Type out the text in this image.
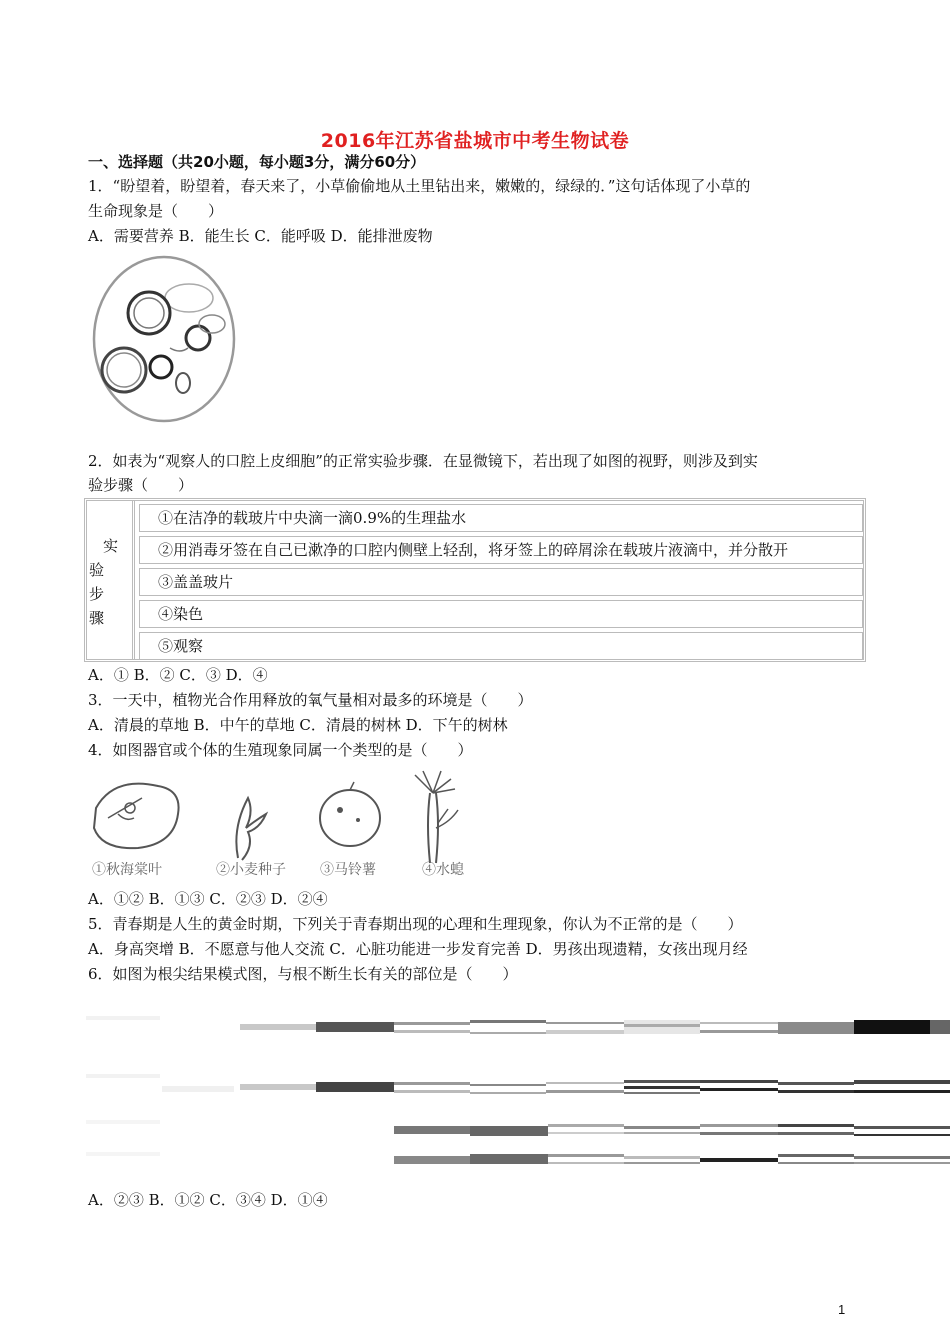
2016年江苏省盐城市中考生物试卷
一、选择题（共20小题，每小题3分，满分60分）
1．“盼望着，盼望着，春天来了，小草偷偷地从土里钻出来，嫩嫩的，绿绿的．”这句话体现了小草的
生命现象是（　　）
A．需要营养 B．能生长 C．能呼吸 D．能排泄废物
2．如表为“观察人的口腔上皮细胞”的正常实验步骤．在显微镜下，若出现了如图的视野，则涉及到实
验步骤（　　）
实
验
步
骤
①在洁净的载玻片中央滴一滴0.9%的生理盐水
②用消毒牙签在自己已漱净的口腔内侧壁上轻刮，将牙签上的碎屑涂在载玻片液滴中，并分散开
③盖盖玻片
④染色
⑤观察
A．① B．② C．③ D．④
3．一天中，植物光合作用释放的氧气量相对最多的环境是（　　）
A．清晨的草地 B．中午的草地 C．清晨的树林 D．下午的树林
4．如图器官或个体的生殖现象同属一个类型的是（　　）
①秋海棠叶	②小麦种子 ③马铃薯	④水螅
A．①② B．①③ C．②③ D．②④
5．青春期是人生的黄金时期，下列关于青春期出现的心理和生理现象，你认为不正常的是（　　）
A．身高突增 B．不愿意与他人交流 C．心脏功能进一步发育完善 D．男孩出现遗精，女孩出现月经
6．如图为根尖结果模式图，与根不断生长有关的部位是（　　）
A．②③ B．①② C．③④ D．①④
1
